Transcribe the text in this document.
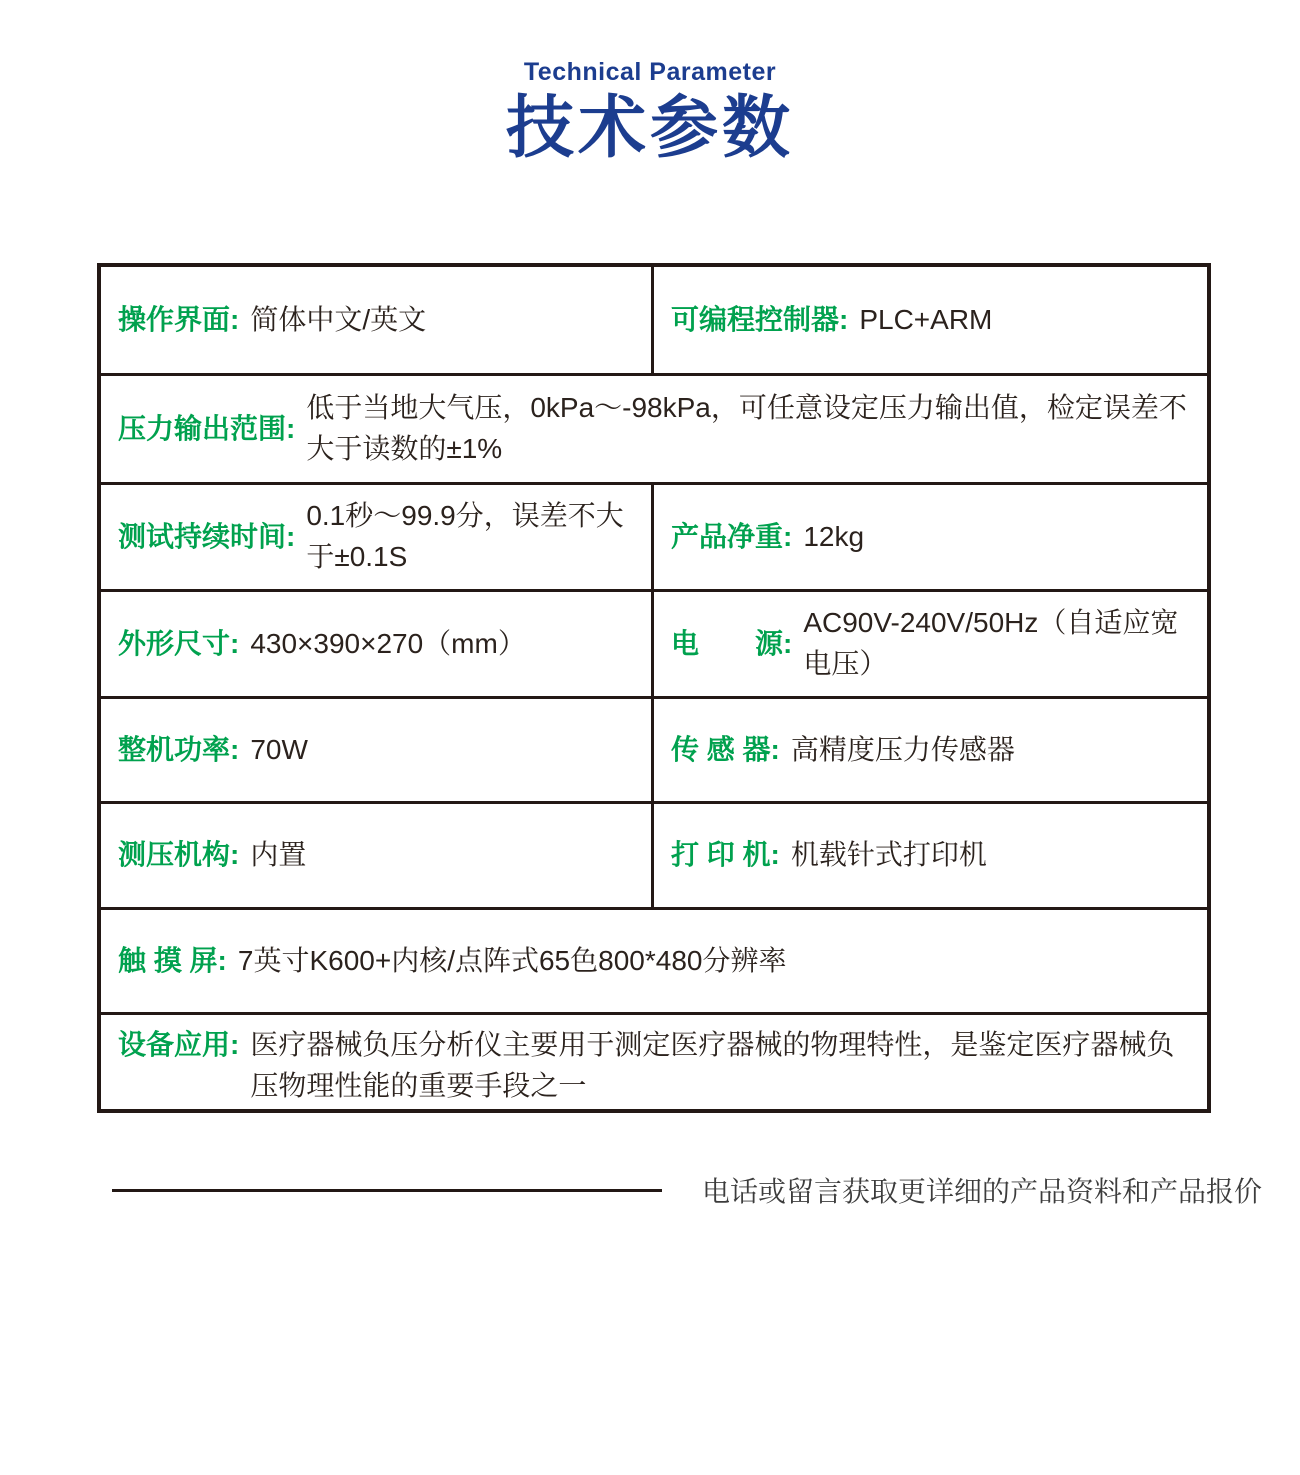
Technical Parameter
技术参数
操作界面: 简体中文/英文	可编程控制器: PLC+ARM
压力输出范围:
低于当地大气压，0kPa～-98kPa，可任意设定压力输出值，检定误差不大于读数的±1%
测试持续时间:
0.1秒～99.9分，误差不大于±0.1S
产品净重: 12kg
外形尺寸: 430×390×270（mm）	电　　源:
AC90V-240V/50Hz（自适应宽电压）
整机功率: 70W	传 感 器: 高精度压力传感器
测压机构: 内置	打 印 机: 机载针式打印机
触 摸 屏: 7英寸K600+内核/点阵式65色800*480分辨率
设备应用: 医疗器械负压分析仪主要用于测定医疗器械的物理特性，是鉴定医疗器械负压物理性能的重要手段之一
电话或留言获取更详细的产品资料和产品报价
